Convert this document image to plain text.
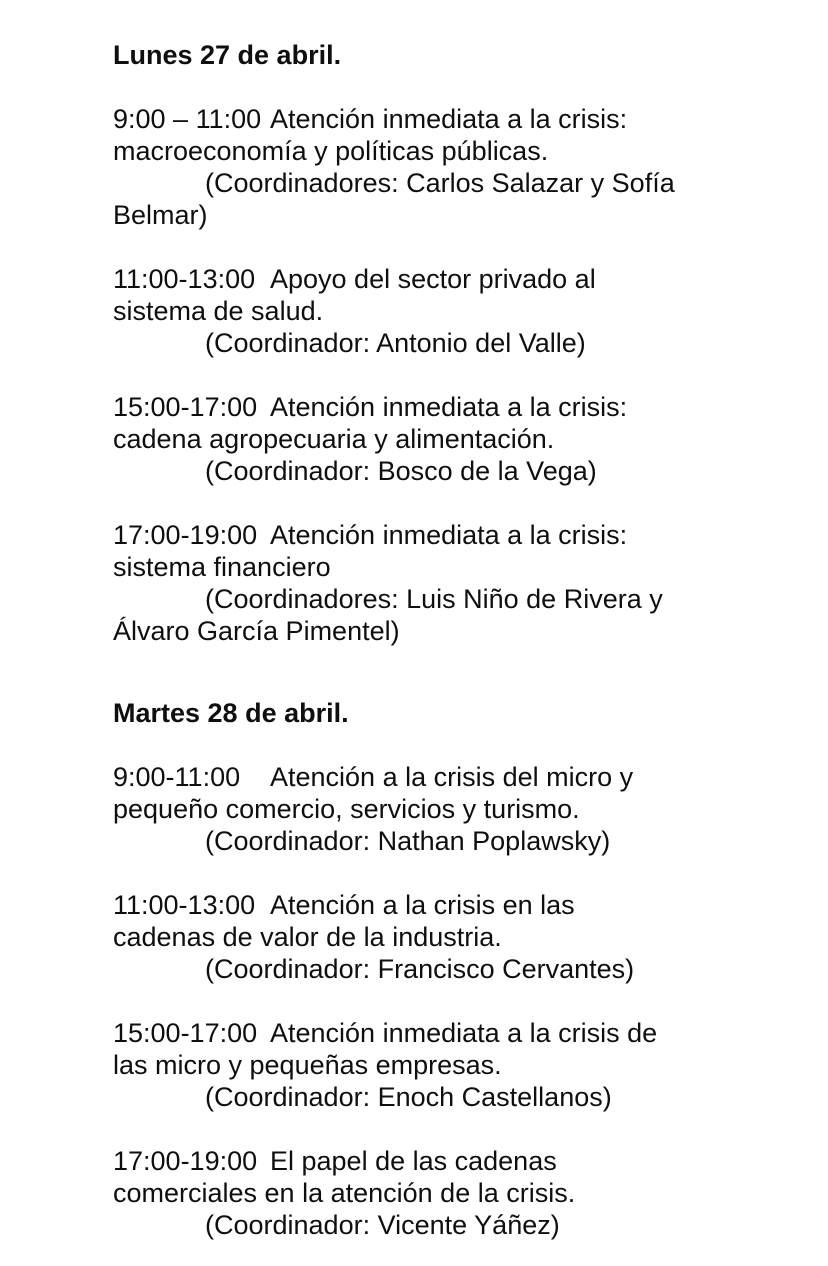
Lunes 27 de abril.

9:00 – 11:00 Atención inmediata a la crisis: macroeconomía y políticas públicas.

(Coordinadores: Carlos Salazar y Sofía Belmar)

11:00-13:00 Apoyo del sector privado al sistema de salud.

(Coordinador: Antonio del Valle)

15:00-17:00 Atención inmediata a la crisis: cadena agropecuaria y alimentación.

(Coordinador: Bosco de la Vega)

17:00-19:00 Atención inmediata a la crisis: sistema financiero

(Coordinadores: Luis Niño de Rivera y Álvaro García Pimentel)

Martes 28 de abril.

9:00-11:00 Atención a la crisis del micro y pequeño comercio, servicios y turismo.

(Coordinador: Nathan Poplawsky)

11:00-13:00 Atención a la crisis en las cadenas de valor de la industria.

(Coordinador: Francisco Cervantes)

15:00-17:00 Atención inmediata a la crisis de las micro y pequeñas empresas.

(Coordinador: Enoch Castellanos)

17:00-19:00 El papel de las cadenas comerciales en la atención de la crisis.

(Coordinador: Vicente Yáñez)
